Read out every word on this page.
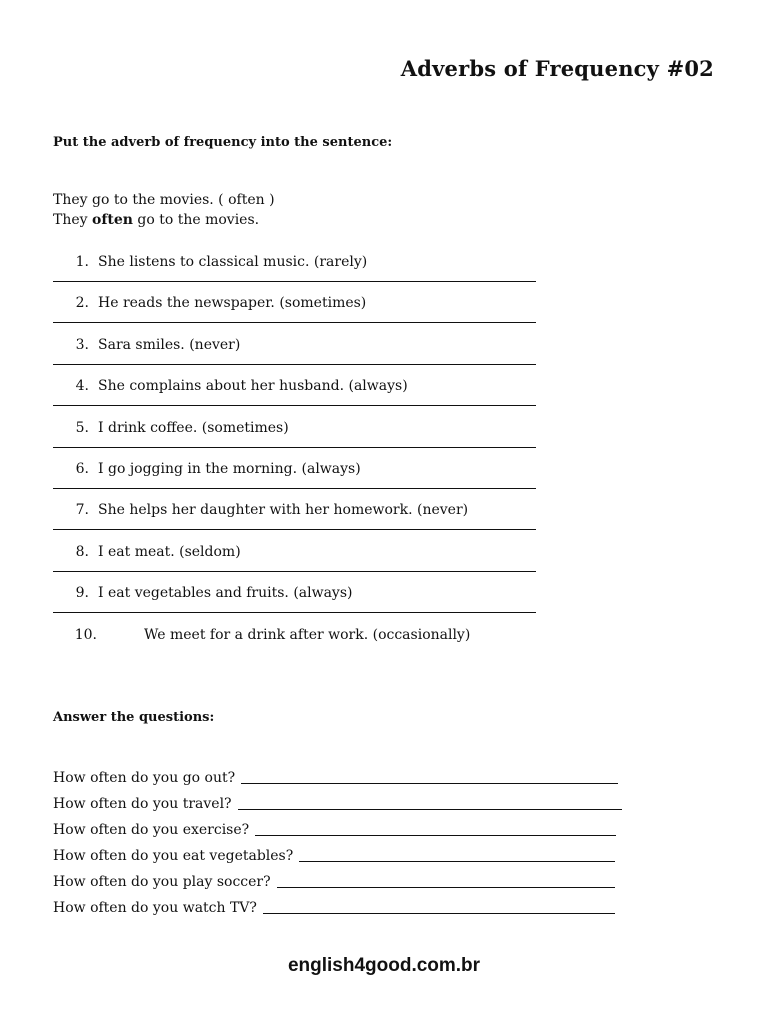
Adverbs of Frequency #02
Put the adverb of frequency into the sentence:
They go to the movies. ( often )
They often go to the movies.
1. She listens to classical music. (rarely)
2. He reads the newspaper. (sometimes)
3. Sara smiles. (never)
4. She complains about her husband. (always)
5. I drink coffee. (sometimes)
6. I go jogging in the morning. (always)
7. She helps her daughter with her homework. (never)
8. I eat meat. (seldom)
9. I eat vegetables and fruits. (always)
10.	We meet for a drink after work. (occasionally)
Answer the questions:
How often do you go out?
How often do you travel?
How often do you exercise?
How often do you eat vegetables?
How often do you play soccer?
How often do you watch TV?
english4good.com.br
